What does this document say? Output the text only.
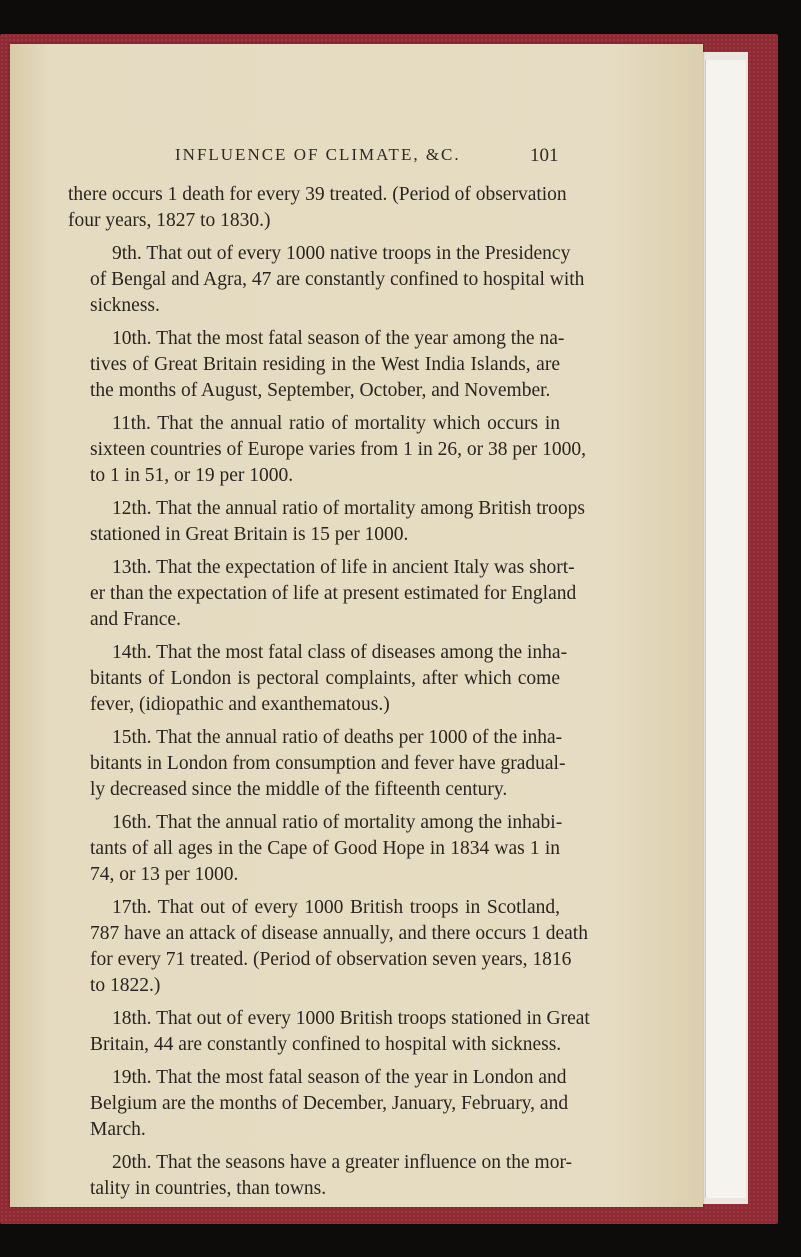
INFLUENCE OF CLIMATE, &C.	101
there occurs 1 death for every 39 treated. (Period of observation
four years, 1827 to 1830.)
9th. That out of every 1000 native troops in the Presidency
of Bengal and Agra, 47 are constantly confined to hospital with
sickness.
10th. That the most fatal season of the year among the na-
tives of Great Britain residing in the West India Islands, are
the months of August, September, October, and November.
11th. That the annual ratio of mortality which occurs in
sixteen countries of Europe varies from 1 in 26, or 38 per 1000,
to 1 in 51, or 19 per 1000.
12th. That the annual ratio of mortality among British troops
stationed in Great Britain is 15 per 1000.
13th. That the expectation of life in ancient Italy was short-
er than the expectation of life at present estimated for England
and France.
14th. That the most fatal class of diseases among the inha-
bitants of London is pectoral complaints, after which come
fever, (idiopathic and exanthematous.)
15th. That the annual ratio of deaths per 1000 of the inha-
bitants in London from consumption and fever have gradual-
ly decreased since the middle of the fifteenth century.
16th. That the annual ratio of mortality among the inhabi-
tants of all ages in the Cape of Good Hope in 1834 was 1 in
74, or 13 per 1000.
17th. That out of every 1000 British troops in Scotland,
787 have an attack of disease annually, and there occurs 1 death
for every 71 treated. (Period of observation seven years, 1816
to 1822.)
18th. That out of every 1000 British troops stationed in Great
Britain, 44 are constantly confined to hospital with sickness.
19th. That the most fatal season of the year in London and
Belgium are the months of December, January, February, and
March.
20th. That the seasons have a greater influence on the mor-
tality in countries, than towns.
